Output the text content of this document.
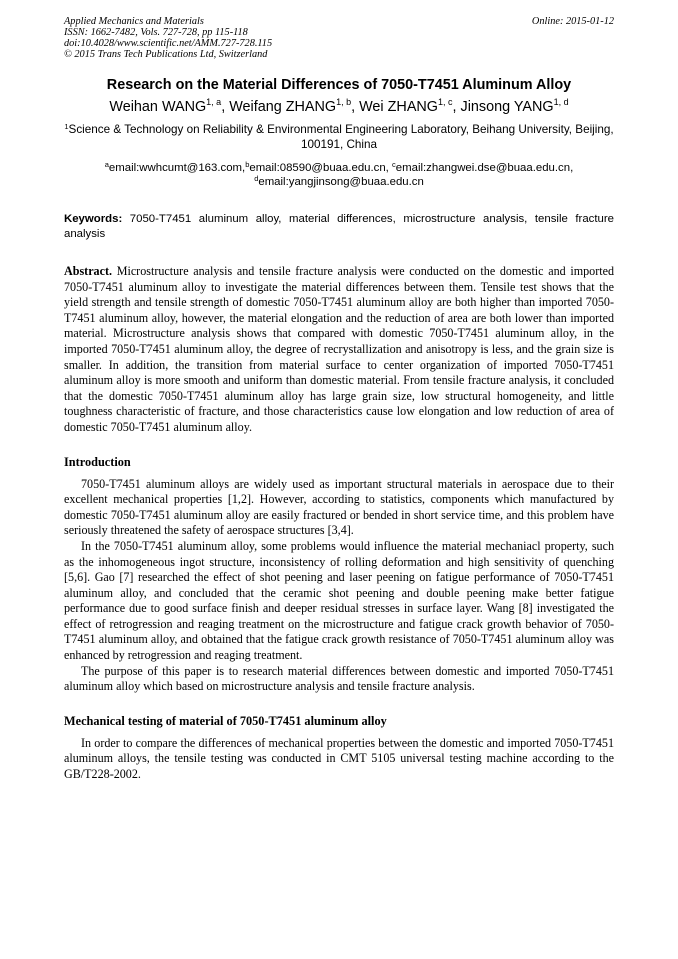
Applied Mechanics and Materials
ISSN: 1662-7482, Vols. 727-728, pp 115-118
doi:10.4028/www.scientific.net/AMM.727-728.115
© 2015 Trans Tech Publications Ltd, Switzerland
Online: 2015-01-12
Research on the Material Differences of 7050-T7451 Aluminum Alloy
Weihan WANG$^{1, a}$, Weifang ZHANG$^{1, b}$, Wei ZHANG$^{1, c}$, Jinsong YANG$^{1, d}$
$^1$Science & Technology on Reliability & Environmental Engineering Laboratory, Beihang University, Beijing, 100191, China
$^a$email:wwhcumt@163.com,$^b$email:08590@buaa.edu.cn, $^c$email:zhangwei.dse@buaa.edu.cn,
$^d$email:yangjinsong@buaa.edu.cn
Keywords: 7050-T7451 aluminum alloy, material differences, microstructure analysis, tensile fracture analysis
Abstract. Microstructure analysis and tensile fracture analysis were conducted on the domestic and imported 7050-T7451 aluminum alloy to investigate the material differences between them. Tensile test shows that the yield strength and tensile strength of domestic 7050-T7451 aluminum alloy are both higher than imported 7050-T7451 aluminum alloy, however, the material elongation and the reduction of area are both lower than imported material. Microstructure analysis shows that compared with domestic 7050-T7451 aluminum alloy, in the imported 7050-T7451 aluminum alloy, the degree of recrystallization and anisotropy is less, and the grain size is smaller. In addition, the transition from material surface to center organization of imported 7050-T7451 aluminum alloy is more smooth and uniform than domestic material. From tensile fracture analysis, it concluded that the domestic 7050-T7451 aluminum alloy has large grain size, low structural homogeneity, and little toughness characteristic of fracture, and those characteristics cause low elongation and low reduction of area of domestic 7050-T7451 aluminum alloy.
Introduction

7050-T7451 aluminum alloys are widely used as important structural materials in aerospace due to their excellent mechanical properties [1,2]. However, according to statistics, components which manufactured by domestic 7050-T7451 aluminum alloy are easily fractured or bended in short service time, and this problem have seriously threatened the safety of aerospace structures [3,4].

In the 7050-T7451 aluminum alloy, some problems would influence the material mechaniacl property, such as the inhomogeneous ingot structure, inconsistency of rolling deformation and high sensitivity of quenching [5,6]. Gao [7] researched the effect of shot peening and laser peening on fatigue performance of 7050-T7451 aluminum alloy, and concluded that the ceramic shot peening and double peening make better fatigue performance due to good surface finish and deeper residual stresses in surface layer. Wang [8] investigated the effect of retrogression and reaging treatment on the microstructure and fatigue crack growth behavior of 7050-T7451 aluminum alloy, and obtained that the fatigue crack growth resistance of 7050-T7451 aluminum alloy was enhanced by retrogression and reaging treatment.

The purpose of this paper is to research material differences between domestic and imported 7050-T7451 aluminum alloy which based on microstructure analysis and tensile fracture analysis.

Mechanical testing of material of 7050-T7451 aluminum alloy

In order to compare the differences of mechanical properties between the domestic and imported 7050-T7451 aluminum alloys, the tensile testing was conducted in CMT 5105 universal testing machine according to the GB/T228-2002.
